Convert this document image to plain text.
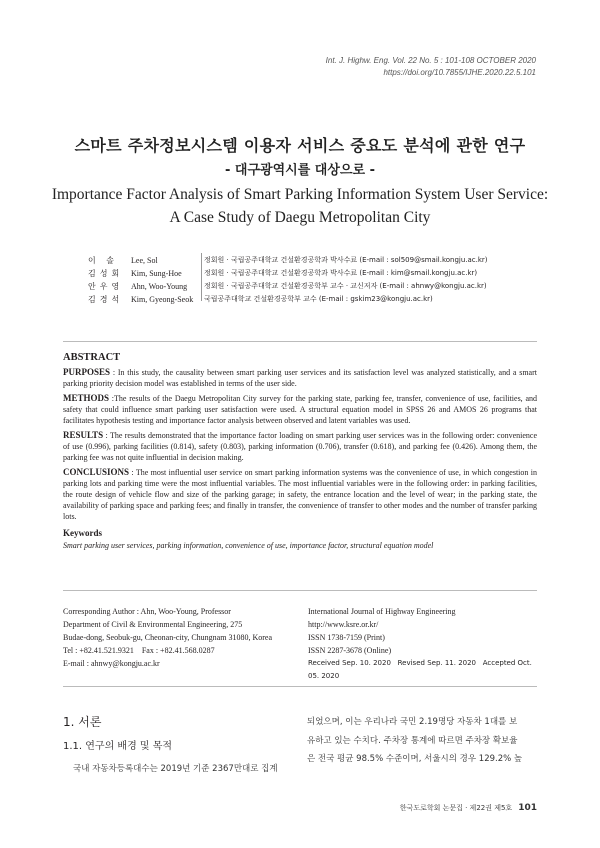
Int. J. Highw. Eng. Vol. 22 No. 5 : 101-108 OCTOBER 2020
https://doi.org/10.7855/IJHE.2020.22.5.101
스마트 주차정보시스템 이용자 서비스 중요도 분석에 관한 연구
- 대구광역시를 대상으로 -
Importance Factor Analysis of Smart Parking Information System User Service:
A Case Study of Daegu Metropolitan City
이 솔	Lee, Sol	정회원 · 국립공주대학교 건설환경공학과 박사수료 (E-mail : sol509@smail.kongju.ac.kr)
김성회 Kim, Sung-Hoe	정회원 · 국립공주대학교 건설환경공학과 박사수료 (E-mail : kim@smail.kongju.ac.kr)
안우영 Ahn, Woo-Young 정회원 · 국립공주대학교 건설환경공학부 교수 · 교신저자 (E-mail : ahnwy@kongju.ac.kr)
김경석 Kim, Gyeong-Seok 국립공주대학교 건설환경공학부 교수 (E-mail : gskim23@kongju.ac.kr)
ABSTRACT

PURPOSES : In this study, the causality between smart parking user services and its satisfaction level was analyzed statistically, and a smart parking priority decision model was established in terms of the user side.

METHODS :The results of the Daegu Metropolitan City survey for the parking state, parking fee, transfer, convenience of use, facilities, and safety that could influence smart parking user satisfaction were used. A structural equation model in SPSS 26 and AMOS 26 programs that facilitates hypothesis testing and importance factor analysis between observed and latent variables was used.

RESULTS : The results demonstrated that the importance factor loading on smart parking user services was in the following order: convenience of use (0.996), parking facilities (0.814), safety (0.803), parking information (0.706), transfer (0.618), and parking fee (0.426). Among them, the parking fee was not quite influential in decision making.

CONCLUSIONS : The most influential user service on smart parking information systems was the convenience of use, in which congestion in parking lots and parking time were the most influential variables. The most influential variables were in the following order: in parking facilities, the route design of vehicle flow and size of the parking garage; in safety, the entrance location and the level of wear; in the parking state, the availability of parking space and parking fees; and finally in transfer, the convenience of transfer to other modes and the number of transfer parking lots.

Keywords
Smart parking user services, parking information, convenience of use, importance factor, structural equation model
Corresponding Author : Ahn, Woo-Young, Professor
Department of Civil & Environmental Engineering, 275
Budae-dong, Seobuk-gu, Cheonan-city, Chungnam 31080, Korea
Tel : +82.41.521.9321    Fax : +82.41.568.0287
E-mail : ahnwy@kongju.ac.kr
International Journal of Highway Engineering
http://www.ksre.or.kr/
ISSN 1738-7159 (Print)
ISSN 2287-3678 (Online)
Received Sep. 10. 2020 Revised Sep. 11. 2020 Accepted Oct. 05. 2020
1. 서론
1.1. 연구의 배경 및 목적
국내 자동차등록대수는 2019년 기준 2367만대로 집계
되었으며, 이는 우리나라 국민 2.19명당 자동차 1대를 보
유하고 있는 수치다. 주차장 통계에 따르면 주차장 확보율
은 전국 평균 98.5% 수준이며, 서울시의 경우 129.2% 높
한국도로학회 논문집 · 제22권 제5호 101
